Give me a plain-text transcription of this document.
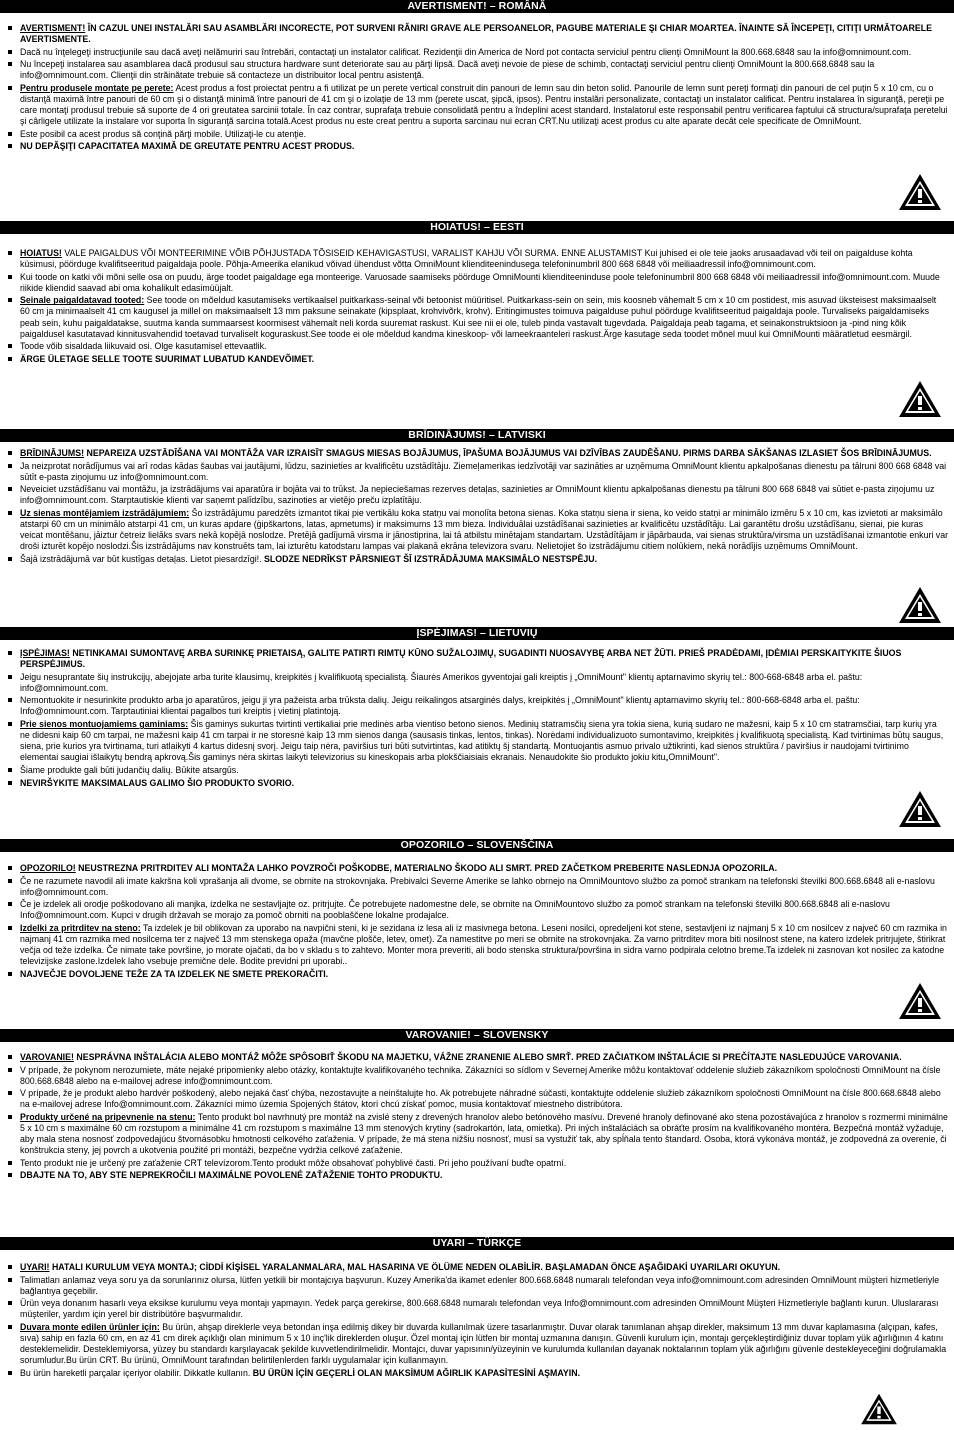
AVERTISMENT! – ROMÂNĂ
AVERTISMENT! ÎN CAZUL UNEI INSTALĂRI SAU ASAMBLĂRI INCORECTE, POT SURVENI RĂNIRI GRAVE ALE PERSOANELOR, PAGUBE MATERIALE ŞI CHIAR MOARTEA. ÎNAINTE SĂ ÎNCEPEŢI, CITIŢI URMĂTOARELE AVERTISMENTE.
Dacă nu înţelegeţi instrucţiunile sau dacă aveţi nelămuriri sau întrebări, contactaţi un instalator calificat. Rezidenţii din America de Nord pot contacta serviciul pentru clienţi OmniMount la 800.668.6848 sau la info@omnimount.com.
Nu începeţi instalarea sau asamblarea dacă produsul sau structura hardware sunt deteriorate sau au părţi lipsă. Dacă aveţi nevoie de piese de schimb, contactaţi serviciul pentru clienţi OmniMount la 800.668.6848 sau la info@omnimount.com. Clienţii din străinătate trebuie să contacteze un distribuitor local pentru asistenţă.
Pentru produsele montate pe perete: Acest produs a fost proiectat pentru a fi utilizat pe un perete vertical construit din panouri de lemn sau din beton solid. Panourile de lemn sunt pereţi formaţi din panouri de cel puţin 5 x 10 cm, cu o distanţă maximă între panouri de 60 cm şi o distanţă minimă între panouri de 41 cm şi o izolaţie de 13 mm (perete uscat, şipcă, ipsos). Pentru instalări personalizate, contactaţi un instalator calificat. Pentru instalarea în siguranţă, pereţii pe care montaţi produsul trebuie să suporte de 4 ori greutatea sarcinii totale. În caz contrar, suprafaţa trebuie consolidată pentru a îndeplini acest standard. Instalatorul este responsabil pentru verificarea faptului că structura/suprafaţa peretelui şi cârligele utilizate la instalare vor suporta în siguranţă sarcina totală.Acest produs nu este creat pentru a suporta sarcinau nui ecran CRT.Nu utilizaţi acest produs cu alte aparate decât cele specificate de OmniMount.
Este posibil ca acest produs să conţină părţi mobile. Utilizaţi-le cu atenţie.
NU DEPĂŞIŢI CAPACITATEA MAXIMĂ DE GREUTATE PENTRU ACEST PRODUS.
HOIATUS! – EESTI
HOIATUS! VALE PAIGALDUS VÕI MONTEERIMINE VÕIB PÕHJUSTADA TÕSISEID KEHAVIGASTUSI, VARALIST KAHJU VÕI SURMA. ENNE ALUSTAMIST Kui juhised ei ole teie jaoks arusaadavad või teil on paigalduse kohta küsimusi, pöörduge kvalifitseeritud paigaldaja poole. Põhja-Ameerika elanikud võivad ühendust võtta OmniMount klienditeenindusega telefoninumbril 800 668 6848 või meiliaadressil info@omnimount.com.
Kui toode on katki või mõni selle osa on puudu, ärge toodet paigaldage ega monteerige. Varuosade saamiseks pöörduge OmniMounti klienditeeninduse poole telefoninumbril 800 668 6848 või meiliaadressil info@omnimount.com. Muude riikide kliendid saavad abi oma kohalikult edasimüüjalt.
Seinale paigaldatavad tooted: See toode on mõeldud kasutamiseks vertikaalsel puitkarkass-seinal või betoonist müüritisel. Puitkarkass-sein on sein, mis koosneb vähemalt 5 cm x 10 cm postidest, mis asuvad üksteisest maksimaalselt 60 cm ja minimaalselt 41 cm kaugusel ja millel on maksimaalselt 13 mm paksune seinakate (kipsplaat, krohvivõrk, krohv). Eritingimustes toimuva paigalduse puhul pöörduge kvalifitseeritud paigaldaja poole. Turvaliseks paigaldamiseks peab sein, kuhu paigaldatakse, suutma kanda summaarsest koormisest vähemalt neli korda suuremat raskust. Kui see nii ei ole, tuleb pinda vastavalt tugevdada. Paigaldaja peab tagama, et seinakonstruktsioon ja -pind ning kõik paigaldusel kasutatavad kinnitusvahendid toetavad turvaliselt koguraskust.See toode ei ole mõeldud kandma kineskoop- või lameekraanteleri raskust.Ärge kasutage seda toodet mõnel muul kui OmniMounti määratletud eesmärgil.
Toode võib sisaldada liikuvaid osi. Olge kasutamisel ettevaatlik.
ÄRGE ÜLETAGE SELLE TOOTE SUURIMAT LUBATUD KANDEVÕIMET.
BRĪDINĀJUMS! – LATVISKI
BRĪDINĀJUMS! NEPAREIZA UZSTĀDĪŠANA VAI MONTĀŽA VAR IZRAISĪT SMAGUS MIESAS BOJĀJUMUS, ĪPAŠUMA BOJĀJUMUS VAI DZĪVĪBAS ZAUDĒŠANU. PIRMS DARBA SĀKŠANAS IZLASIET ŠOS BRĪDINĀJUMUS.
Ja neizprotat norādījumus vai arī rodas kādas šaubas vai jautājumi, lūdzu, sazinieties ar kvalificētu uzstādītāju. Ziemeļamerikas iedzīvotāji var sazināties ar uzņēmuma OmniMount klientu apkalpošanas dienestu pa tālruni 800 668 6848 vai sūtīt e-pasta ziņojumu uz info@omnimount.com.
Neveiciet uzstādīšanu vai montāžu, ja izstrādājums vai aparatūra ir bojāta vai to trūkst. Ja nepieciešamas rezerves detaļas, sazinieties ar OmniMount klientu apkalpošanas dienestu pa tālruni 800 668 6848 vai sūtiet e-pasta ziņojumu uz info@omnimount.com. Starptautiskie klienti var saņemt palīdzību, sazinoties ar vietējo preču izplatītāju.
Uz sienas montējamiem izstrādājumiem: Šo izstrādājumu paredzēts izmantot tikai pie vertikālu koka statņu vai monolīta betona sienas. Koka statņu siena ir siena, ko veido statņi ar minimālo izmēru 5 x 10 cm, kas izvietoti ar maksimālo atstarpi 60 cm un minimālo atstarpi 41 cm, un kuras apdare (ģipškartons, latas, apmetums) ir maksimums 13 mm bieza. Individuālai uzstādīšanai sazinieties ar kvalificētu uzstādītāju. Lai garantētu drošu uzstādīšanu, sienai, pie kuras veicat montēšanu, jāiztur četreiz lielāks svars nekā kopējā noslodze. Pretējā gadījumā virsma ir jānostiprina, lai tā atbilstu minētajam standartam. Uzstādītājam ir jāpārbauda, vai sienas struktūra/virsma un uzstādīšanai izmantotie enkuri var droši izturēt kopējo noslodzi.Šis izstrādājums nav konstruēts tam, lai izturētu katodstaru lampas vai plakanā ekrāna televizora svaru. Nelietojiet šo izstrādājumu citiem nolūkiem, nekā norādījis uzņēmums OmniMount.
Šajā izstrādājumā var būt kustīgas detaļas. Lietot piesardzīgi!. SLODZE NEDRĪKST PĀRSNIEGT ŠĪ IZSTRĀDĀJUMA MAKSIMĀLO NESTSPĒJU.
ĮSPĖJIMAS! – LIETUVIŲ
ĮSPĖJIMAS! NETINKAMAI SUMONTAVĘ ARBA SURINKĘ PRIETAISĄ, GALITE PATIRTI RIMTŲ KŪNO SUŽALOJIMŲ, SUGADINTI NUOSAVYBĘ ARBA NET ŽŪTI. PRIEŠ PRADĖDAMI, ĮDĖMIAI PERSKAITYKITE ŠIUOS PERSPĖJIMUS.
Jeigu nesuprantate šių instrukcijų, abejojate arba turite klausimų, kreipkitės į kvalifikuotą specialistą. Šiaurės Amerikos gyventojai gali kreiptis į „OmniMount" klientų aptarnavimo skyrių tel.: 800-668-6848 arba el. paštu: info@omnimount.com.
Nemontuokite ir nesurinkite produkto arba jo aparatūros, jeigu ji yra pažeista arba trūksta dalių. Jeigu reikalingos atsarginės dalys, kreipkitės į „OmniMount" klientų aptarnavimo skyrių tel.: 800-668-6848 arba el. paštu: Info@omnimount.com. Tarptautiniai klientai pagalbos turi kreiptis į vietinį platintoją.
Prie sienos montuojamiems gaminiams: Šis gaminys sukurtas tvirtinti vertikaliai prie medinės arba vientiso betono sienos. Medinių statramsčių siena yra tokia siena, kurią sudaro ne mažesni, kaip 5 x 10 cm statramsčiai, tarp kurių yra ne didesni kaip 60 cm tarpai, ne mažesni kaip 41 cm tarpai ir ne storesnė kaip 13 mm sienos danga (sausasis tinkas, lentos, tinkas). Norėdami individualizuoto sumontavimo, kreipkitės į kvalifikuotą specialistą. Kad tvirtinimas būtų saugus, siena, prie kurios yra tvirtinama, turi atlaikyti 4 kartus didesnį svorį. Jeigu taip nėra, paviršius turi būti sutvirtintas, kad atitiktų šį standartą. Montuojantis asmuo privalo užtikrinti, kad sienos struktūra / paviršius ir naudojami tvirtinimo elementai saugiai išlaikytų bendrą apkrovą.Šis gaminys nėra skirtas laikyti televizorius su kineskopais arba plokščiaisiais ekranais. Nenaudokite šio produkto jokiu kitu„OmniMount".
Šiame produkte gali būti judančių dalių. Būkite atsargūs.
NEVIRŠYKITE MAKSIMALAUS GALIMO ŠIO PRODUKTO SVORIO.
OPOZORILO – SLOVENŠČINA
OPOZORILO! NEUSTREZNA PRITRDITEV ALI MONTAŽA LAHKO POVZROČI POŠKODBE, MATERIALNO ŠKODO ALI SMRT. PRED ZAČETKOM PREBERITE NASLEDNJA OPOZORILA.
Če ne razumete navodil ali imate kakršna koli vprašanja ali dvome, se obrnite na strokovnjaka. Prebivalci Severne Amerike se lahko obrnejo na OmniMountovo službo za pomoč strankam na telefonski številki 800.668.6848 ali e-naslovu info@omnimount.com.
Če je izdelek ali orodje poškodovano ali manjka, izdelka ne sestavljajte oz. pritrjujte. Če potrebujete nadomestne dele, se obrnite na OmniMountovo službo za pomoč strankam na telefonski številki 800.668.6848 ali e-naslovu Info@omnimount.com. Kupci v drugih državah se morajo za pomoč obrniti na pooblaščene lokalne prodajalce.
Izdelki za pritrditev na steno: Ta izdelek je bil oblikovan za uporabo na navpični steni, ki je sezidana iz lesa ali iz masivnega betona. Leseni nosilci, opredeljeni kot stene, sestavljeni iz najmanj 5 x 10 cm nosilcev z največ 60 cm razmika in najmanj 41 cm razmika med nosilcema ter z največ 13 mm stenskega opaža (mavčne plošče, letev, omet). Za namestitve po meri se obrnite na strokovnjaka. Za varno pritrditev mora biti nosilnost stene, na katero izdelek pritrjujete, štirikrat večja od teže izdelka. Če nimate take površine, jo morate ojačati, da bo v skladu s to zahtevo. Monter mora preveriti, ali bodo stenska struktura/površina in sidra varno podpirala celotno breme.Ta izdelek ni zasnovan kot nosilec za katodne televizijske zaslone.Izdelek laho vsebuje premične dele. Bodite previdni pri uporabi..
NAJVEČJE DOVOLJENE TEŽE ZA TA IZDELEK NE SMETE PREKORAČITI.
VAROVANIE! – SLOVENSKY
VAROVANIE! NESPRÁVNA INŠTALÁCIA ALEBO MONTÁŽ MÔŽE SPÔSOBIŤ ŠKODU NA MAJETKU, VÁŽNE ZRANENIE ALEBO SMRŤ. PRED ZAČIATKOM INŠTALÁCIE SI PREČÍTAJTE NASLEDUJÚCE VAROVANIA.
V prípade, že pokynom nerozumiete, máte nejaké pripomienky alebo otázky, kontaktujte kvalifikovaného technika. Zákazníci so sídlom v Severnej Amerike môžu kontaktovať oddelenie služieb zákazníkom spoločnosti OmniMount na čísle 800.668.6848 alebo na e-mailovej adrese info@omnimount.com.
V prípade, že je produkt alebo hardvér poškodený, alebo nejaká časť chýba, nezostavujte a neinštalujte ho. Ak potrebujete náhradné súčasti, kontaktujte oddelenie služieb zákazníkom spoločnosti OmniMount na čísle 800.668.6848 alebo na e-mailovej adrese Info@omnimount.com. Zákazníci mimo územia Spojených štátov, ktorí chcú získať pomoc, musia kontaktovať miestneho distribútora.
Produkty určené na pripevnenie na stenu: Tento produkt bol navrhnutý pre montáž na zvislé steny z drevených hranolov alebo betónového masívu. Drevené hranoly definované ako stena pozostávajúca z hranolov s rozmermi minimálne 5 x 10 cm s maximálne 60 cm rozstupom a minimálne 41 cm rozstupom s maximálne 13 mm stenových krytiny (sadrokartón, lata, omietka). Pri iných inštaláciách sa obráťte prosím na kvalifikovaného montéra. Bezpečná montáž vyžaduje, aby mala stena nosnosť zodpovedajúcu štvornásobku hmotnosti celkového zaťaženia. V prípade, že má stena nižšiu nosnosť, musí sa vystužiť tak, aby spĺňala tento štandard. Osoba, ktorá vykonáva montáž, je zodpovedná za overenie, či konštrukcia steny, jej povrch a ukotvenia použité pri montáži, bezpečne vydržia celkové zaťaženie.
Tento produkt nie je určený pre zaťaženie CRT televízorom.Tento produkt môže obsahovať pohyblivé časti. Pri jeho používaní buďte opatrní.
DBAJTE NA TO, ABY STE NEPREKROČILI MAXIMÁLNE POVOLENÉ ZAŤAŽENIE TOHTO PRODUKTU.
UYARI – TÜRKÇE
UYARI! HATALI KURULUM VEYA MONTAJ; CİDDİ KİŞİSEL YARALANMALARA, MAL HASARINA VE ÖLÜME NEDEN OLABİLİR. BAŞLAMADAN ÖNCE AŞAĞIDAKİ UYARILARI OKUYUN.
Talimatları anlamaz veya soru ya da sorunlarınız olursa, lütfen yetkili bir montajcıya başvurun. Kuzey Amerika'da ikamet edenler 800.668.6848 numaralı telefondan veya info@omnimount.com adresinden OmniMount müşteri hizmetleriyle bağlantıya geçebilir.
Ürün veya donanım hasarlı veya eksikse kurulumu veya montajı yapmayın. Yedek parça gerekirse, 800.668.6848 numaralı telefondan veya Info@omnimount.com adresinden OmniMount Müşteri Hizmetleriyle bağlantı kurun. Uluslararası müşteriler, yardım için yerel bir distribütöre başvurmalıdır.
Duvara monte edilen ürünler için: Bu ürün, ahşap direklerle veya betondan inşa edilmiş dikey bir duvarda kullanılmak üzere tasarlanmıştır. Duvar olarak tanımlanan ahşap direkler, maksimum 13 mm duvar kaplamasına (alçıpan, kafes, sıva) sahip en fazla 60 cm, en az 41 cm direk açıklığı olan minimum 5 x 10 inç'lik direklerden oluşur. Özel montaj için lütfen bir montaj uzmanına danışın. Güvenli kurulum için, montajı gerçekleştirdiğiniz duvar toplam yük ağırlığının 4 katını desteklemelidir. Desteklemiyorsa, yüzey bu standardı karşılayacak şekilde kuvvetlendirilmelidir. Montajcı, duvar yapısının/yüzeyinin ve kurulumda kullanılan dayanak noktalarının toplam yük ağırlığını güvenle destekleyeceğini doğrulamakla sorumludur.Bu ürün CRT. Bu ürünü, OmniMount tarafından belirtilenlerden farklı uygulamalar için kullanmayın.
Bu ürün hareketli parçalar içeriyor olabilir. Dikkatle kullanın. BU ÜRÜN İÇİN GEÇERLİ OLAN MAKSİMUM AĞIRLIK KAPASİTESİNİ AŞMAYIN.
